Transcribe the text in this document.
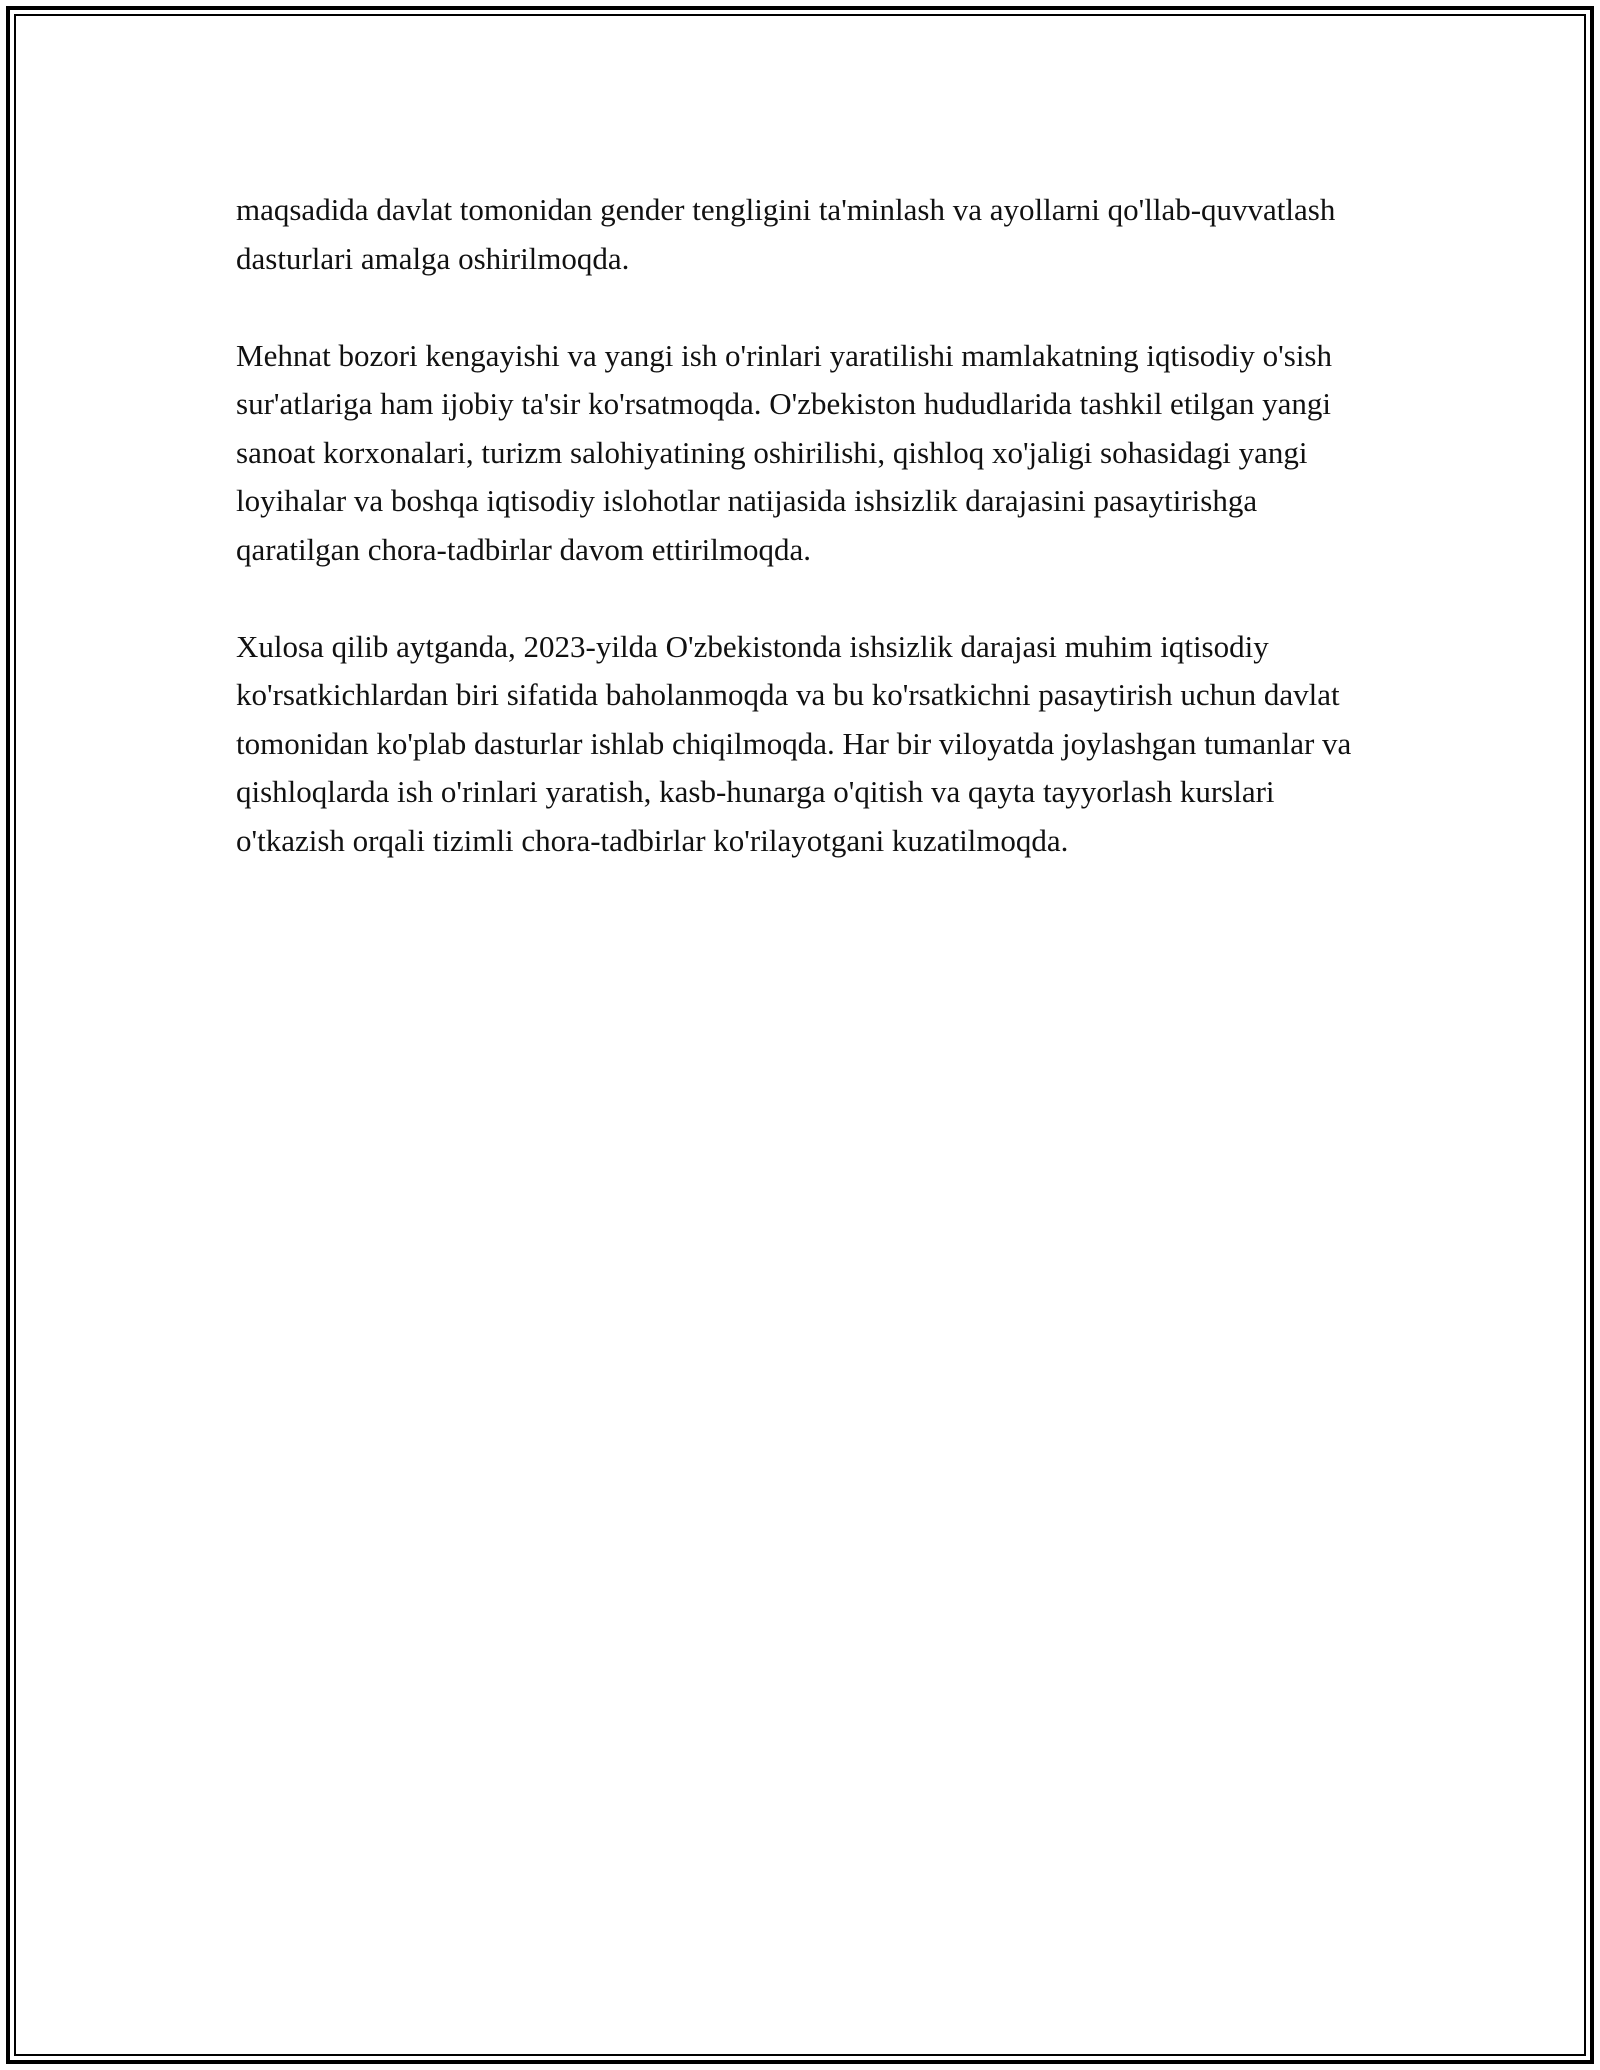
maqsadida davlat tomonidan gender tengligini ta'minlash va ayollarni qo'llab-quvvatlash dasturlari amalga oshirilmoqda.

Mehnat bozori kengayishi va yangi ish o'rinlari yaratilishi mamlakatning iqtisodiy o'sish sur'atlariga ham ijobiy ta'sir ko'rsatmoqda. O'zbekiston hududlarida tashkil etilgan yangi sanoat korxonalari, turizm salohiyatining oshirilishi, qishloq xo'jaligi sohasidagi yangi loyihalar va boshqa iqtisodiy islohotlar natijasida ishsizlik darajasini pasaytirishga qaratilgan chora-tadbirlar davom ettirilmoqda.

Xulosa qilib aytganda, 2023-yilda O'zbekistonda ishsizlik darajasi muhim iqtisodiy ko'rsatkichlardan biri sifatida baholanmoqda va bu ko'rsatkichni pasaytirish uchun davlat tomonidan ko'plab dasturlar ishlab chiqilmoqda. Har bir viloyatda joylashgan tumanlar va qishloqlarda ish o'rinlari yaratish, kasb-hunarga o'qitish va qayta tayyorlash kurslari o'tkazish orqali tizimli chora-tadbirlar ko'rilayotgani kuzatilmoqda.
